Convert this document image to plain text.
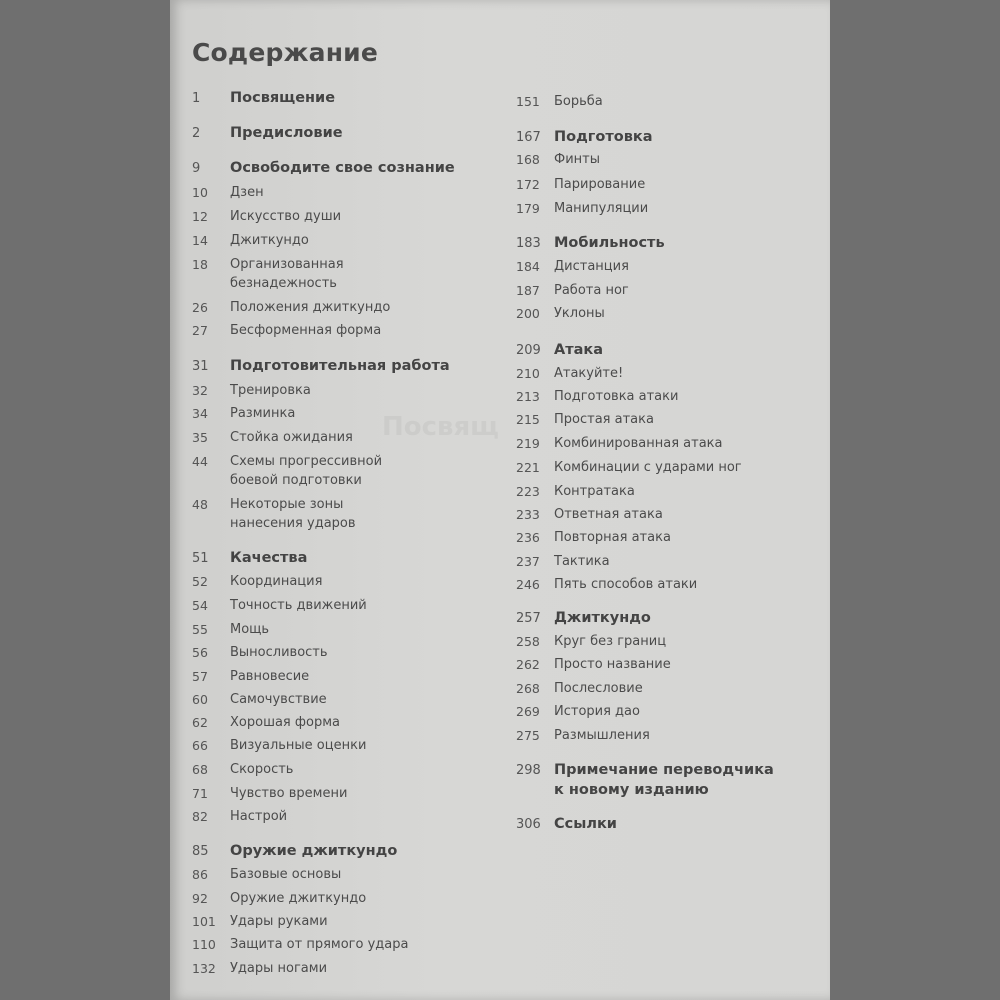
Посвящ
Содержание
1	Посвящение
2	Предисловие
9	Освободите свое сознание
10	Дзен
12	Искусство души
14	Джиткундо
18	Организованная
безнадежность
26	Положения джиткундо
27	Бесформенная форма
31	Подготовительная работа
32	Тренировка
34	Разминка
35	Стойка ожидания
44	Схемы прогрессивной
боевой подготовки
48	Некоторые зоны
нанесения ударов
51	Качества
52	Координация
54	Точность движений
55	Мощь
56	Выносливость
57	Равновесие
60	Самочувствие
62	Хорошая форма
66	Визуальные оценки
68	Скорость
71	Чувство времени
82	Настрой
85	Оружие джиткундо
86	Базовые основы
92	Оружие джиткундо
101	Удары руками
110	Защита от прямого удара
132	Удары ногами
151	Борьба
167 Подготовка
168	Финты
172	Парирование
179	Манипуляции
183 Мобильность
184	Дистанция
187	Работа ног
200	Уклоны
209 Атака
210	Атакуйте!
213	Подготовка атаки
215	Простая атака
219	Комбинированная атака
221	Комбинации с ударами ног
223	Контратака
233	Ответная атака
236	Повторная атака
237	Тактика
246	Пять способов атаки
257 Джиткундо
258	Круг без границ
262	Просто название
268	Послесловие
269	История дао
275	Размышления
298 Примечание переводчика
к новому изданию
306 Ссылки
